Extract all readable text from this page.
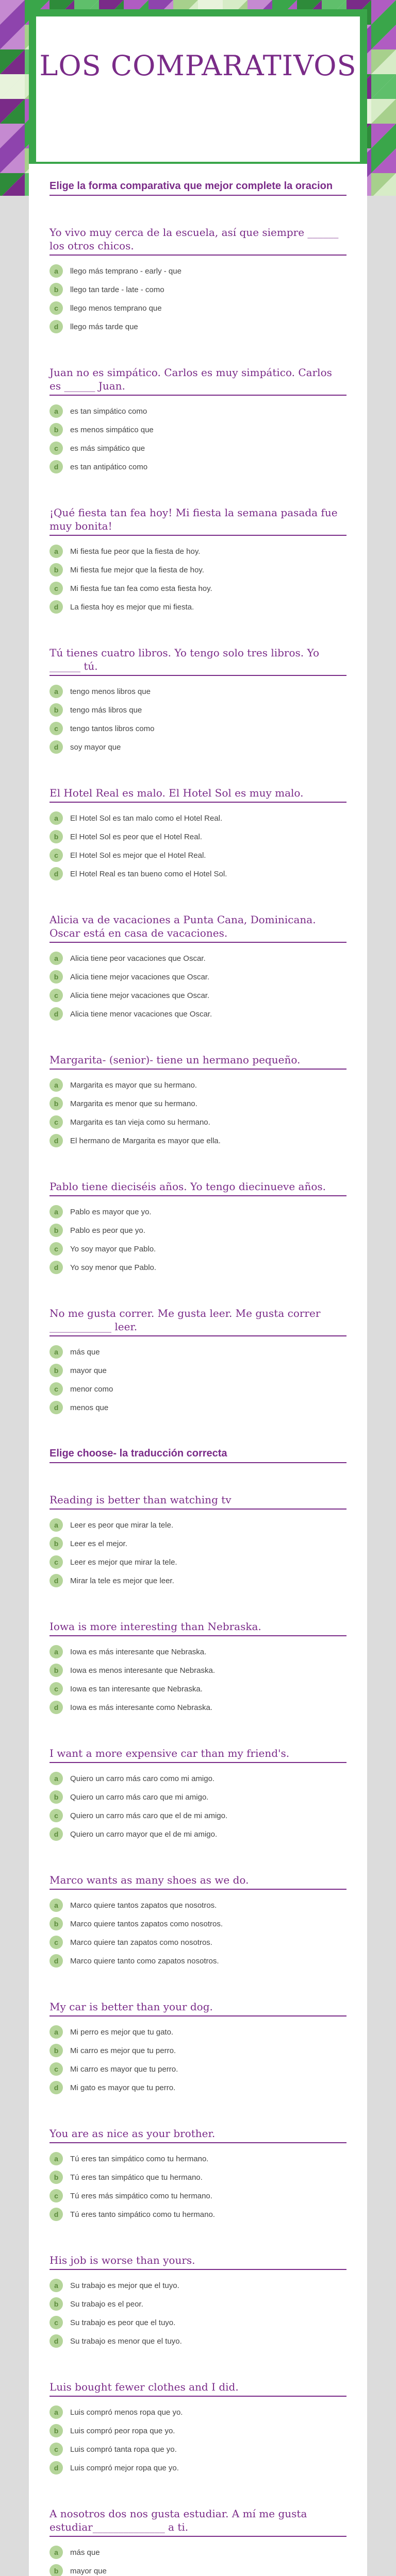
LOS COMPARATIVOS
Elige la forma comparativa que mejor complete la oracion
Yo vivo muy cerca de la escuela, así que siempre ______ los otros chicos.
a	llego más temprano - early - que
b	llego tan tarde - late - como
c	llego menos temprano que
d	llego más tarde que
Juan no es simpático. Carlos es muy simpático. Carlos es ______ Juan.
a	es tan simpático como
b	es menos simpático que
c	es más simpático que
d	es tan antipático como
¡Qué fiesta tan fea hoy! Mi fiesta la semana pasada fue muy bonita!
a	Mi fiesta fue peor que la fiesta de hoy.
b	Mi fiesta fue mejor que la fiesta de hoy.
c	Mi fiesta fue tan fea como esta fiesta hoy.
d	La fiesta hoy es mejor que mi fiesta.
Tú tienes cuatro libros. Yo tengo solo tres libros. Yo ______ tú.
a	tengo menos libros que
b	tengo más libros que
c	tengo tantos libros como
d	soy mayor que
El Hotel Real es malo. El Hotel Sol es muy malo.
a	El Hotel Sol es tan malo como el Hotel Real.
b	El Hotel Sol es peor que el Hotel Real.
c	El Hotel Sol es mejor que el Hotel Real.
d	El Hotel Real es tan bueno como el Hotel Sol.
Alicia va de vacaciones a Punta Cana, Dominicana. Oscar está en casa de vacaciones.
a	Alicia tiene peor vacaciones que Oscar.
b	Alicia tiene mejor vacaciones que Oscar.
c	Alicia tiene mejor vacaciones que Oscar.
d	Alicia tiene menor vacaciones que Oscar.
Margarita- (senior)- tiene un hermano pequeño.
a	Margarita es mayor que su hermano.
b	Margarita es menor que su hermano.
c	Margarita es tan vieja como su hermano.
d	El hermano de Margarita es mayor que ella.
Pablo tiene dieciséis años. Yo tengo diecinueve años.
a	Pablo es mayor que yo.
b	Pablo es peor que yo.
c	Yo soy mayor que Pablo.
d	Yo soy menor que Pablo.
No me gusta correr. Me gusta leer. Me gusta correr ____________ leer.
a	más que
b	mayor que
c	menor como
d	menos que
Elige choose- la traducción correcta
Reading is better than watching tv
a	Leer es peor que mirar la tele.
b	Leer es el mejor.
c	Leer es mejor que mirar la tele.
d	Mirar la tele es mejor que leer.
Iowa is more interesting than Nebraska.
a	Iowa es más interesante que Nebraska.
b	Iowa es menos interesante que Nebraska.
c	Iowa es tan interesante que Nebraska.
d	Iowa es más interesante como Nebraska.
I want a more expensive car than my friend's.
a	Quiero un carro más caro como mi amigo.
b	Quiero un carro más caro que mi amigo.
c	Quiero un carro más caro que el de mi amigo.
d	Quiero un carro mayor que el de mi amigo.
Marco wants as many shoes as we do.
a	Marco quiere tantos zapatos que nosotros.
b	Marco quiere tantos zapatos como nosotros.
c	Marco quiere tan zapatos como nosotros.
d	Marco quiere tanto como zapatos nosotros.
My car is better than your dog.
a	Mi perro es mejor que tu gato.
b	Mi carro es mejor que tu perro.
c	Mi carro es mayor que tu perro.
d	Mi gato es mayor que tu perro.
You are as nice as your brother.
a	Tú eres tan simpático como tu hermano.
b	Tú eres tan simpático que tu hermano.
c	Tú eres más simpático como tu hermano.
d	Tú eres tanto simpático como tu hermano.
His job is worse than yours.
a	Su trabajo es mejor que el tuyo.
b	Su trabajo es el peor.
c	Su trabajo es peor que el tuyo.
d	Su trabajo es menor que el tuyo.
Luis bought fewer clothes and I did.
a	Luis compró menos ropa que yo.
b	Luis compró peor ropa que yo.
c	Luis compró tanta ropa que yo.
d	Luis compró mejor ropa que yo.
A nosotros dos nos gusta estudiar. A mí me gusta estudiar______________ a ti.
a	más que
b	mayor que
